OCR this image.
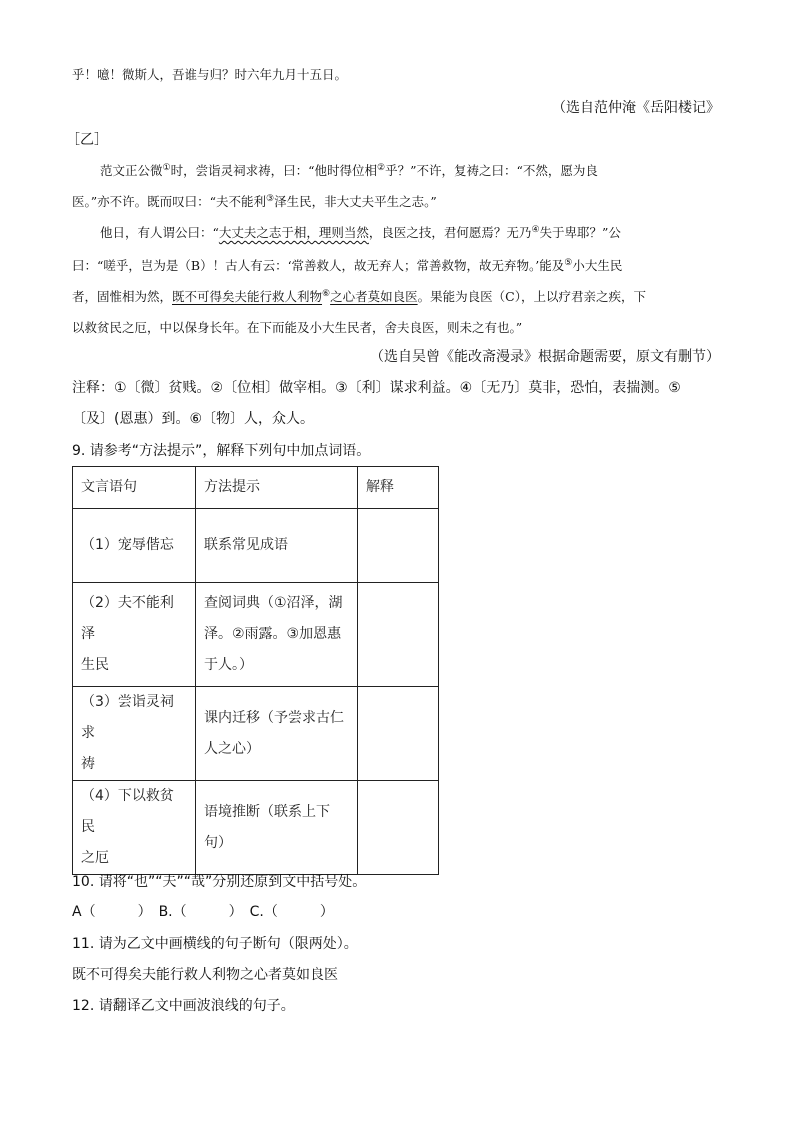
乎！噫！微斯人，吾谁与归？时六年九月十五日。
（选自范仲淹《岳阳楼记》
［乙］
范文正公微①时，尝诣灵祠求祷，曰：“他时得位相②乎？”不许，复祷之曰：“不然，愿为良
医。”亦不许。既而叹曰：“夫不能利③泽生民，非大丈夫平生之志。”
他日，有人谓公曰：“大丈夫之志于相，理则当然，良医之技，君何愿焉？无乃④失于卑耶？”公
曰：“嗟乎，岂为是（B）！古人有云：‘常善救人，故无弃人；常善救物，故无弃物。’能及⑤小大生民
者，固惟相为然，既不可得矣夫能行救人利物⑥之心者莫如良医。果能为良医（C），上以疗君亲之疾，下
以救贫民之厄，中以保身长年。在下而能及小大生民者，舍夫良医，则未之有也。”
（选自吴曾《能改斋漫录》根据命题需要，原文有删节）
注释：①〔微〕贫贱。②〔位相〕做宰相。③〔利〕谋求利益。④〔无乃〕莫非，恐怕，表揣测。⑤
〔及〕(恩惠）到。⑥〔物〕人，众人。
9. 请参考“方法提示”，解释下列句中加点词语。
文言语句	方法提示	解释

（1）宠辱偕忘	联系常见成语	

（2）夫不能利泽
生民	查阅词典（①沼泽，湖
泽。②雨露。③加恩惠
于人。）	

（3）尝诣灵祠求
祷	课内迁移（予尝求古仁
人之心）	

（4）下以救贫民
之厄	语境推断（联系上下句）	

10. 请将“也”“夫”“哉”分别还原到文中括号处。
A（　　　）　B.（　　　）　C.（　　　）
11. 请为乙文中画横线的句子断句（限两处）。
既不可得矣夫能行救人利物之心者莫如良医
12. 请翻译乙文中画波浪线的句子。
